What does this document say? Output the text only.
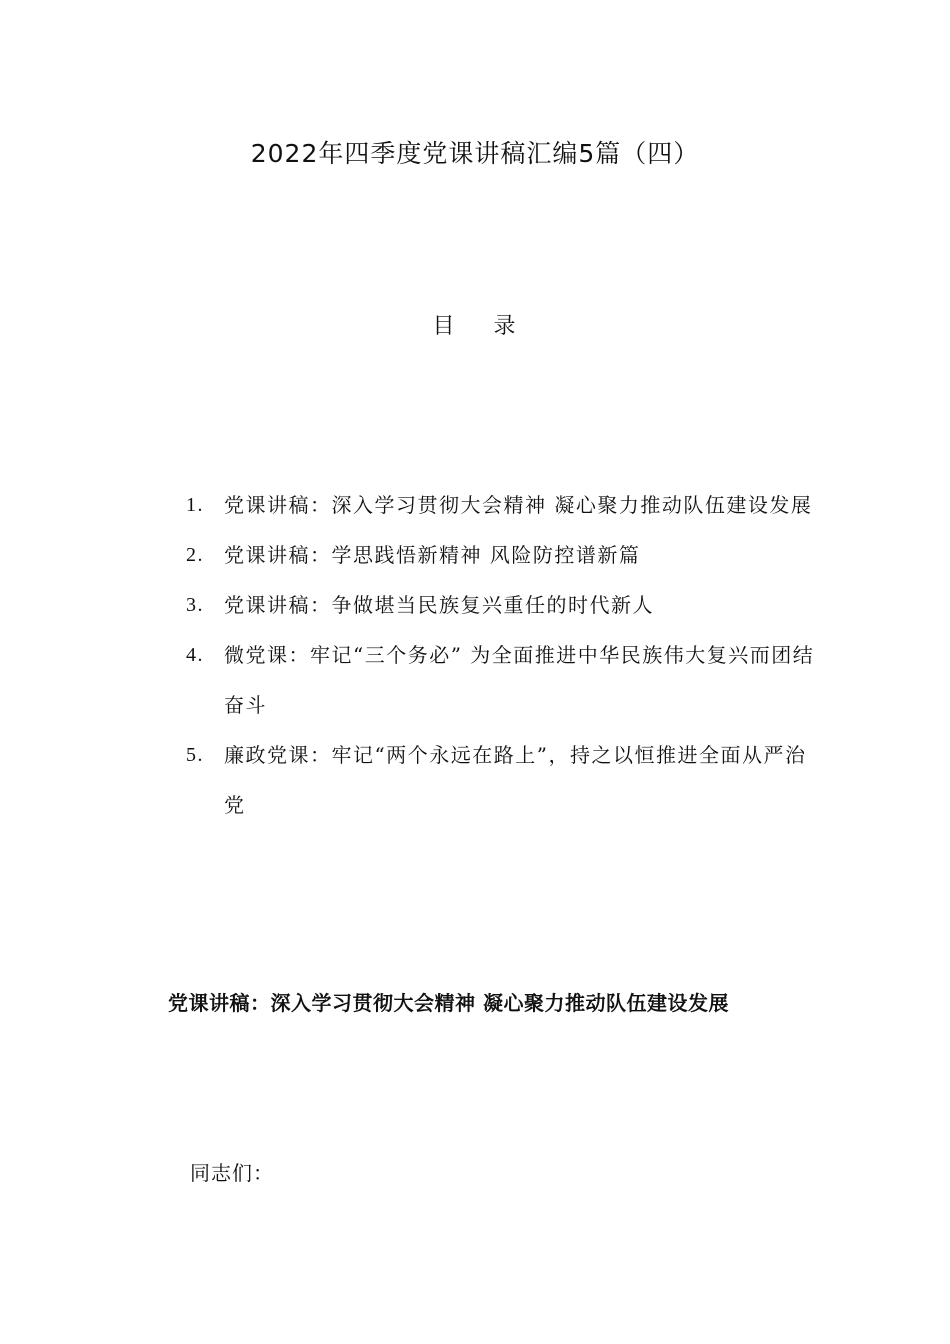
2022年四季度党课讲稿汇编5篇（四）
目 录
1.	党课讲稿：深入学习贯彻大会精神 凝心聚力推动队伍建设发展
2.	党课讲稿：学思践悟新精神 风险防控谱新篇
3.	党课讲稿：争做堪当民族复兴重任的时代新人
4.	微党课：牢记“三个务必” 为全面推进中华民族伟大复兴而团结奋斗
5.	廉政党课：牢记“两个永远在路上”，持之以恒推进全面从严治党
党课讲稿：深入学习贯彻大会精神 凝心聚力推动队伍建设发展
同志们：
